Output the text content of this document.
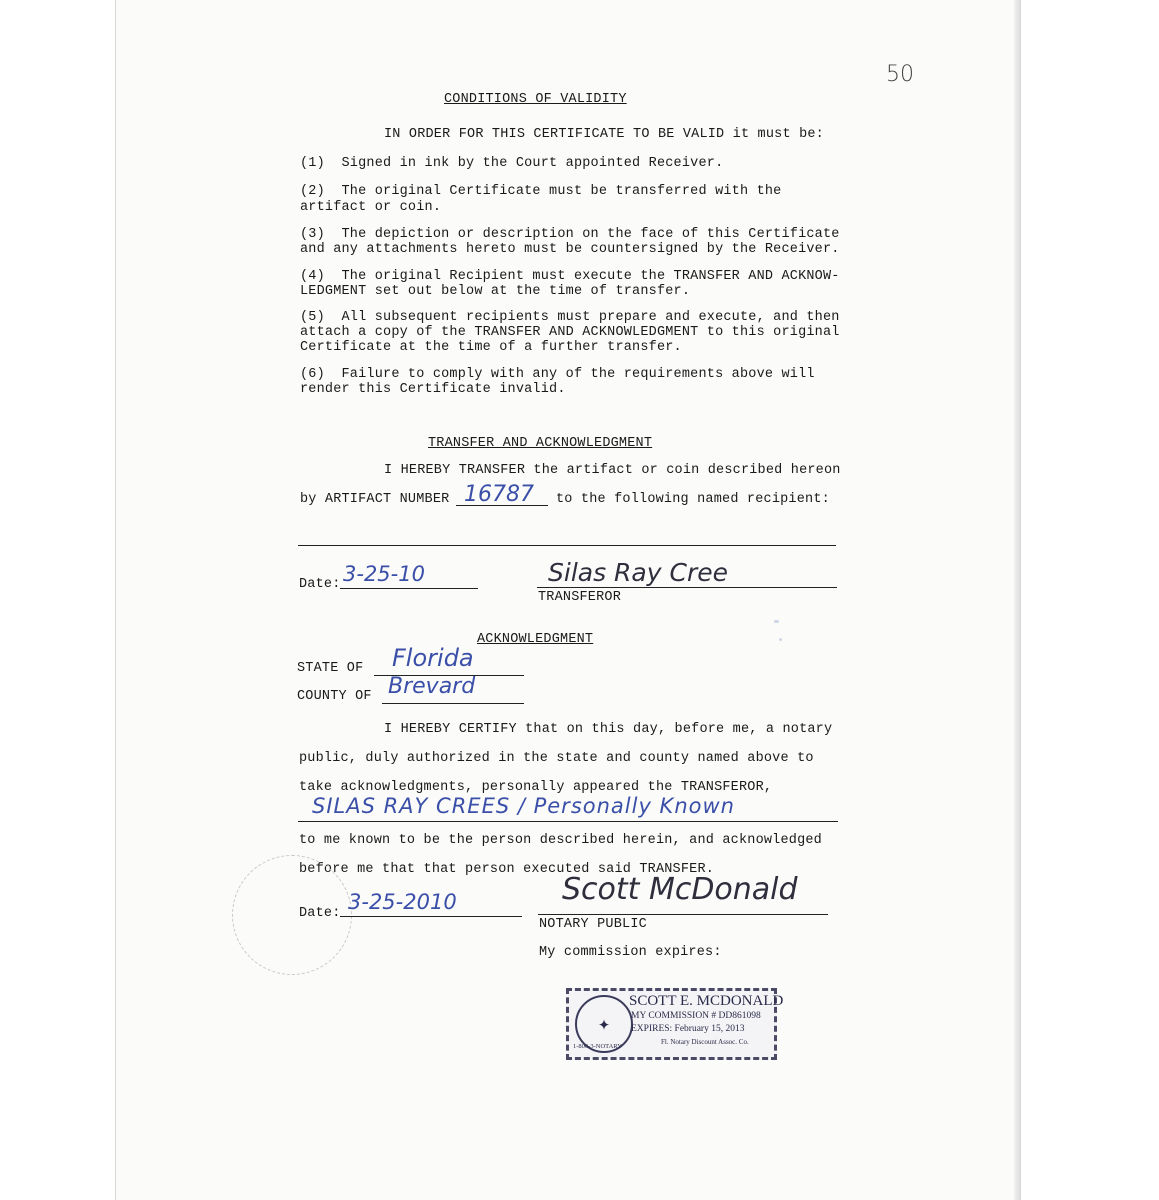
50
CONDITIONS OF VALIDITY
IN ORDER FOR THIS CERTIFICATE TO BE VALID it must be:
(1)  Signed in ink by the Court appointed Receiver.
(2)  The original Certificate must be transferred with the
artifact or coin.
(3)  The depiction or description on the face of this Certificate
and any attachments hereto must be countersigned by the Receiver.
(4)  The original Recipient must execute the TRANSFER AND ACKNOW-
LEDGMENT set out below at the time of transfer.
(5)  All subsequent recipients must prepare and execute, and then
attach a copy of the TRANSFER AND ACKNOWLEDGMENT to this original
Certificate at the time of a further transfer.
(6)  Failure to comply with any of the requirements above will
render this Certificate invalid.
TRANSFER AND ACKNOWLEDGMENT
I HEREBY TRANSFER the artifact or coin described hereon
by ARTIFACT NUMBER 16787 to the following named recipient:
Date: 3-25-10	Silas Ray Cree
TRANSFEROR
ACKNOWLEDGMENT
STATE OF Florida
COUNTY OF Brevard
I HEREBY CERTIFY that on this day, before me, a notary
public, duly authorized in the state and county named above to
take acknowledgments, personally appeared the TRANSFEROR,
SILAS RAY CREES / Personally Known
to me known to be the person described herein, and acknowledged
before me that that person executed said TRANSFER.
Date: 3-25-2010	Scott McDonald
NOTARY PUBLIC
My commission expires:
✦
SCOTT E. MCDONALD
MY COMMISSION # DD861098
EXPIRES: February 15, 2013
Fl. Notary Discount Assoc. Co.
1-800-3-NOTARY
